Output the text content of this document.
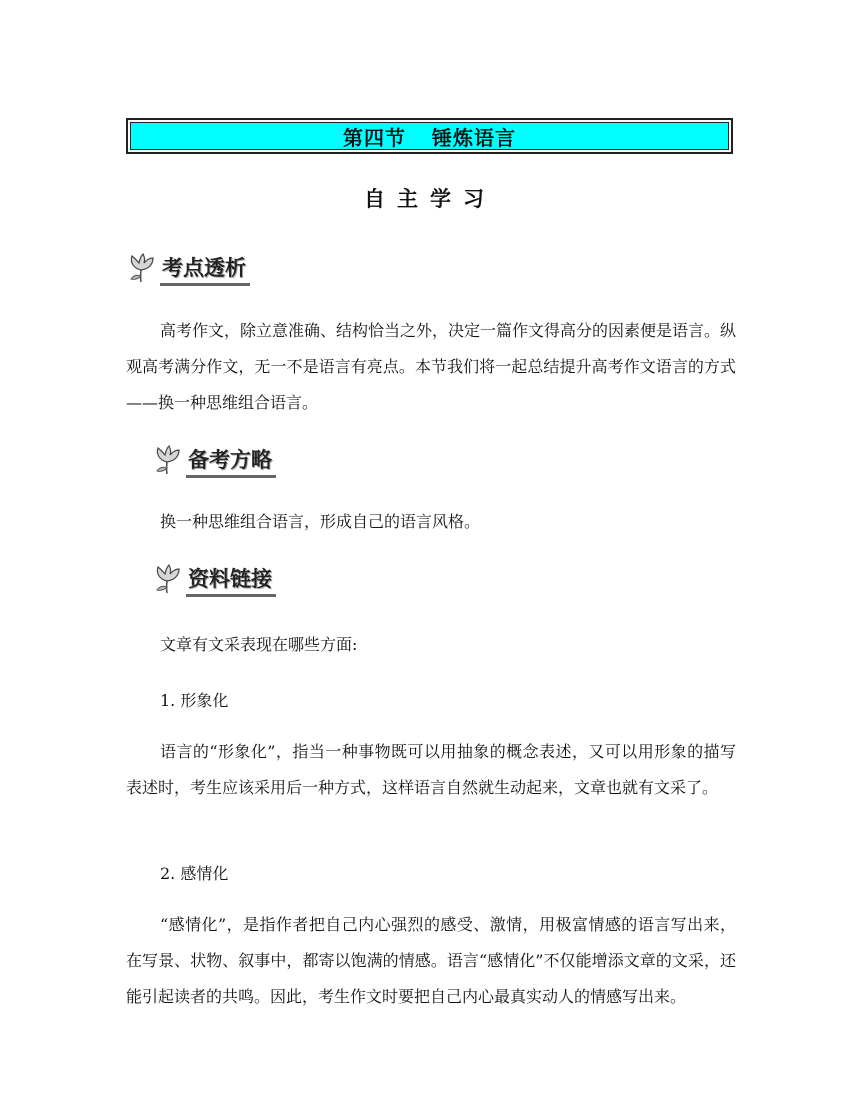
第四节 锤炼语言
自主学习
考点透析

高考作文，除立意准确、结构恰当之外，决定一篇作文得高分的因素便是语言。纵观高考满分作文，无一不是语言有亮点。本节我们将一起总结提升高考作文语言的方式——换一种思维组合语言。

备考方略

换一种思维组合语言，形成自己的语言风格。

资料链接

文章有文采表现在哪些方面:

1. 形象化

语言的“形象化”，指当一种事物既可以用抽象的概念表述，又可以用形象的描写表述时，考生应该采用后一种方式，这样语言自然就生动起来，文章也就有文采了。

2. 感情化

“感情化”，是指作者把自己内心强烈的感受、激情，用极富情感的语言写出来，在写景、状物、叙事中，都寄以饱满的情感。语言“感情化”不仅能增添文章的文采，还能引起读者的共鸣。因此，考生作文时要把自己内心最真实动人的情感写出来。
